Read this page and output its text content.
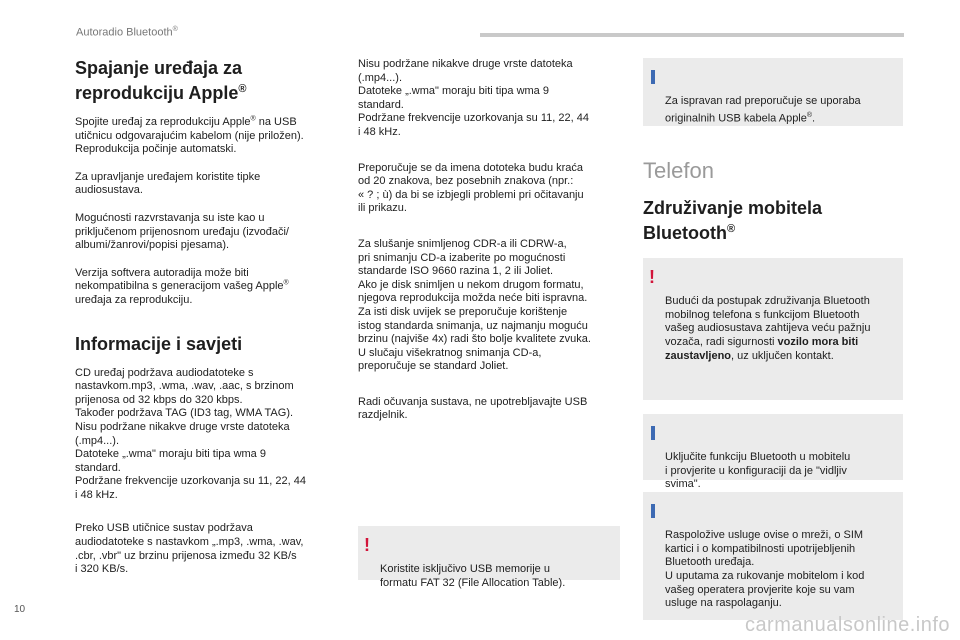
Autoradio Bluetooth®
Spajanje uređaja za
reprodukciju Apple®

Spojite uređaj za reprodukciju Apple® na USB
utičnicu odgovarajućim kabelom (nije priložen).
Reprodukcija počinje automatski.

Za upravljanje uređajem koristite tipke
audiosustava.

Mogućnosti razvrstavanja su iste kao u
priključenom prijenosnom uređaju (izvođači/
albumi/žanrovi/popisi pjesama).

Verzija softvera autoradija može biti
nekompatibilna s generacijom vašeg Apple®
uređaja za reprodukciju.

Informacije i savjeti

CD uređaj podržava audiodatoteke s
nastavkom.mp3, .wma, .wav, .aac, s brzinom
prijenosa od 32 kbps do 320 kbps.
Također podržava TAG (ID3 tag, WMA TAG).
Nisu podržane nikakve druge vrste datoteka
(.mp4...).
Datoteke „.wma" moraju biti tipa wma 9
standard.
Podržane frekvencije uzorkovanja su 11, 22, 44
i 48 kHz.

Preko USB utičnice sustav podržava
audiodatoteke s nastavkom „.mp3, .wma, .wav,
.cbr, .vbr" uz brzinu prijenosa između 32 KB/s
i 320 KB/s.

Nisu podržane nikakve druge vrste datoteka
(.mp4...).
Datoteke „.wma" moraju biti tipa wma 9
standard.
Podržane frekvencije uzorkovanja su 11, 22, 44
i 48 kHz.

Preporučuje se da imena dototeka budu kraća
od 20 znakova, bez posebnih znakova (npr.:
« ? ; ù) da bi se izbjegli problemi pri očitavanju
ili prikazu.

Za slušanje snimljenog CDR-a ili CDRW-a,
pri snimanju CD-a izaberite po mogućnosti
standarde ISO 9660 razina 1, 2 ili Joliet.
Ako je disk snimljen u nekom drugom formatu,
njegova reprodukcija možda neće biti ispravna.
Za isti disk uvijek se preporučuje korištenje
istog standarda snimanja, uz najmanju moguću
brzinu (najviše 4x) radi što bolje kvalitete zvuka.
U slučaju višekratnog snimanja CD-a,
preporučuje se standard Joliet.

Radi očuvanja sustava, ne upotrebljavajte USB
razdjelnik.

!

Koristite isključivo USB memorije u
formatu FAT 32 (File Allocation Table).

Za ispravan rad preporučuje se uporaba
originalnih USB kabela Apple®.

Telefon
Združivanje mobitela
Bluetooth®

!

Budući da postupak združivanja Bluetooth
mobilnog telefona s funkcijom Bluetooth
vašeg audiosustava zahtijeva veću pažnju
vozača, radi sigurnosti vozilo mora biti
zaustavljeno, uz uključen kontakt.

Uključite funkciju Bluetooth u mobitelu
i provjerite u konfiguraciji da je "vidljiv
svima".

Raspoložive usluge ovise o mreži, o SIM
kartici i o kompatibilnosti upotrijebljenih
Bluetooth uređaja.
U uputama za rukovanje mobitelom i kod
vašeg operatera provjerite koje su vam
usluge na raspolaganju.

10
carmanualsonline.info
